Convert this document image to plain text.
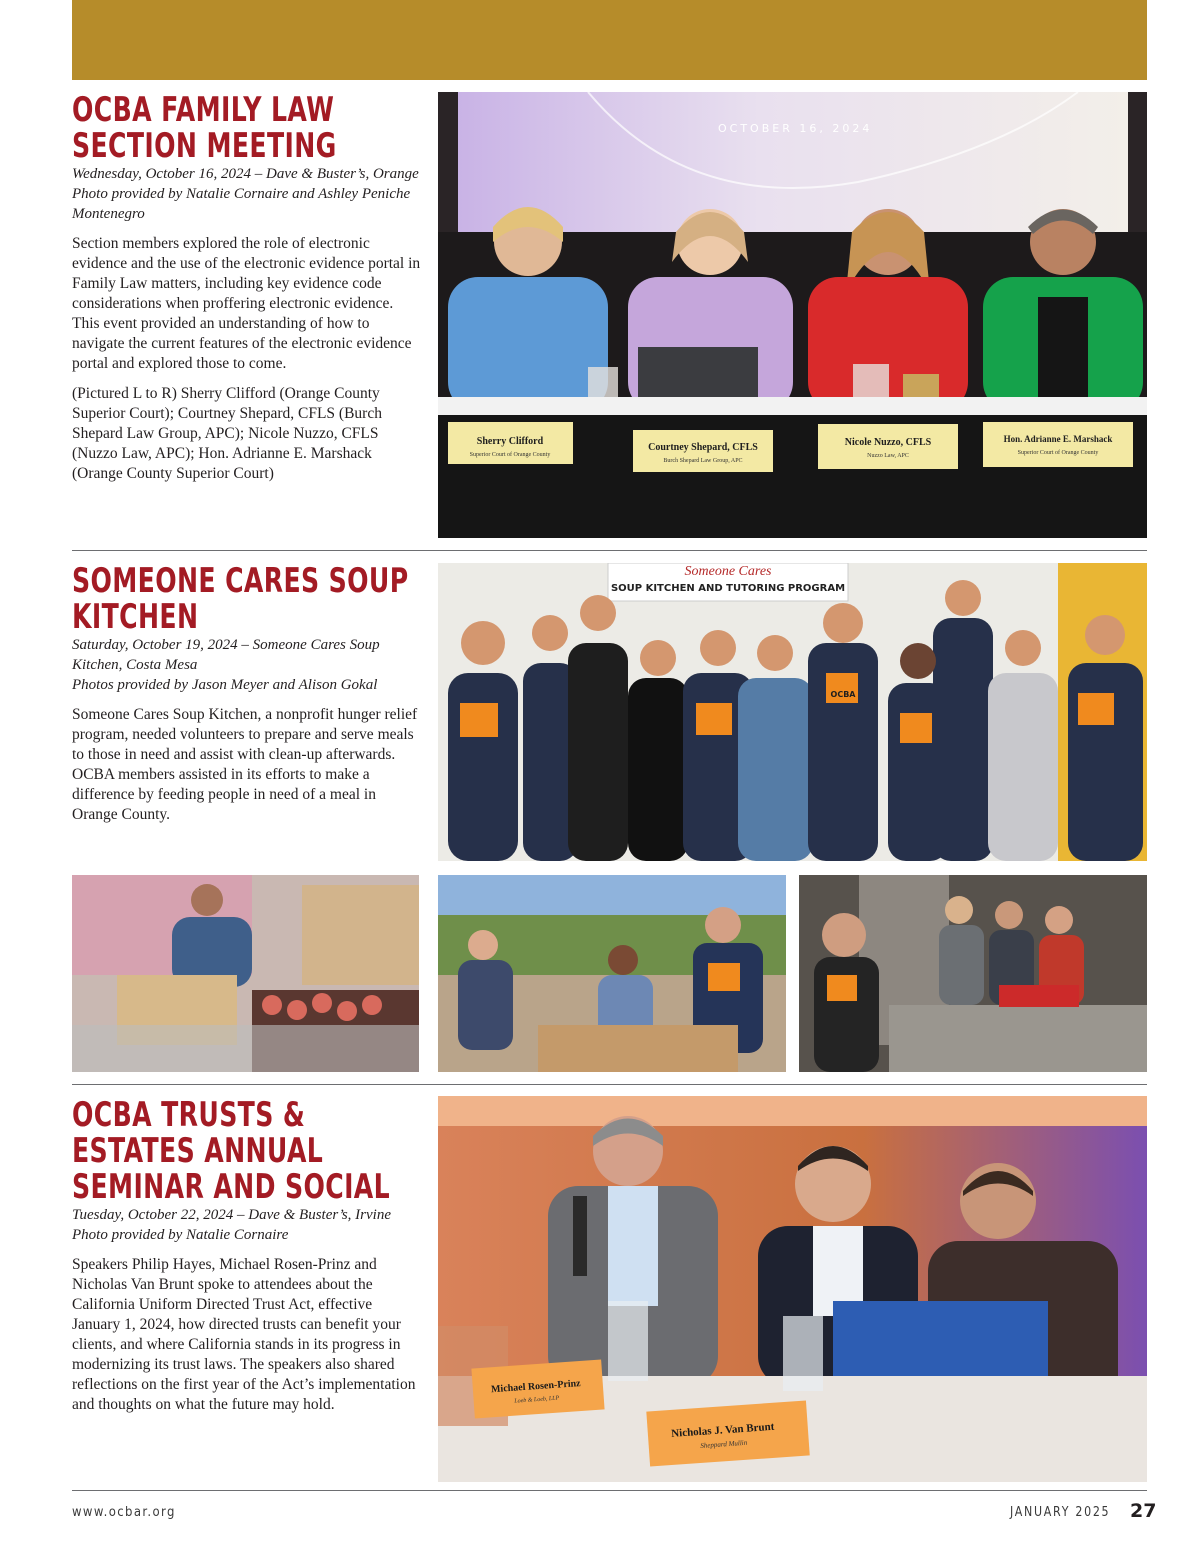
OCBA FAMILY LAW SECTION MEETING

Wednesday, October 16, 2024 – Dave & Buster’s, Orange

Photo provided by Natalie Cornaire and Ashley Peniche Montenegro

Section members explored the role of electronic evidence and the use of the electronic evidence portal in Family Law matters, including key evidence code considerations when proffering electronic evidence. This event provided an understanding of how to navigate the current features of the electronic evidence portal and explored those to come.

(Pictured L to R) Sherry Clifford (Orange County Superior Court); Courtney Shepard, CFLS (Burch Shepard Law Group, APC); Nicole Nuzzo, CFLS (Nuzzo Law, APC); Hon. Adrianne E. Marshack (Orange County Superior Court)

OCTOBER 16, 2024
Sherry Clifford
Superior Court of Orange County
Courtney Shepard, CFLS
Burch Shepard Law Group, APC
Nicole Nuzzo, CFLS
Nuzzo Law, APC
Hon. Adrianne E. Marshack
Superior Court of Orange County
SOMEONE CARES SOUP KITCHEN

Saturday, October 19, 2024 – Someone Cares Soup Kitchen, Costa Mesa

Photos provided by Jason Meyer and Alison Gokal

Someone Cares Soup Kitchen, a nonprofit hunger relief program, needed volunteers to prepare and serve meals to those in need and assist with clean-up afterwards. OCBA members assisted in its efforts to make a difference by feeding people in need of a meal in Orange County.

Someone Cares
SOUP KITCHEN AND TUTORING PROGRAM
OCBA
OCBA TRUSTS & ESTATES ANNUAL SEMINAR AND SOCIAL

Tuesday, October 22, 2024 – Dave & Buster’s, Irvine

Photo provided by Natalie Cornaire

Speakers Philip Hayes, Michael Rosen-Prinz and Nicholas Van Brunt spoke to attendees about the California Uniform Directed Trust Act, effective January 1, 2024, how directed trusts can benefit your clients, and where California stands in its progress in modernizing its trust laws. The speakers also shared reflections on the first year of the Act’s implementation and thoughts on what the future may hold.

Michael Rosen-Prinz
Loeb & Loeb, LLP
Nicholas J. Van Brunt
Sheppard Mullin
www.ocbar.org	JANUARY 2025 27
